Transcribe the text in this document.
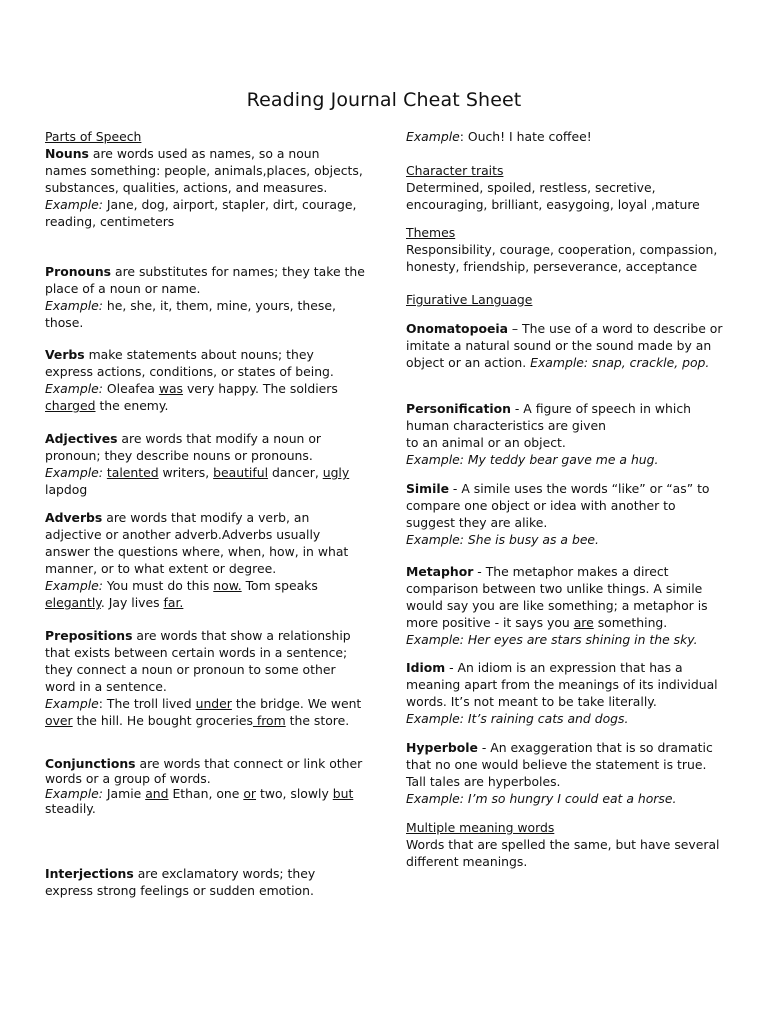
Reading Journal Cheat Sheet

Parts of Speech
Nouns are words used as names, so a noun names something: people, animals,places, objects, substances, qualities, actions, and measures.
Example: Jane, dog, airport, stapler, dirt, courage, reading, centimeters

Pronouns are substitutes for names; they take the place of a noun or name.
Example: he, she, it, them, mine, yours, these, those.

Verbs make statements about nouns; they express actions, conditions, or states of being.
Example: Oleafea was very happy. The soldiers charged the enemy.

Adjectives are words that modify a noun or pronoun; they describe nouns or pronouns.
Example: talented writers, beautiful dancer, ugly lapdog

Adverbs are words that modify a verb, an adjective or another adverb.Adverbs usually answer the questions where, when, how, in what manner, or to what extent or degree.
Example: You must do this now. Tom speaks elegantly. Jay lives far.

Prepositions are words that show a relationship that exists between certain words in a sentence; they connect a noun or pronoun to some other word in a sentence.
Example: The troll lived under the bridge. We went over the hill. He bought groceries from the store.

Conjunctions are words that connect or link other words or a group of words.
Example: Jamie and Ethan, one or two, slowly but steadily.

Interjections are exclamatory words; they express strong feelings or sudden emotion.

Example: Ouch! I hate coffee!

Character traits
Determined, spoiled, restless, secretive, encouraging, brilliant, easygoing, loyal ,mature

Themes
Responsibility, courage, cooperation, compassion, honesty, friendship, perseverance, acceptance

Figurative Language

Onomatopoeia – The use of a word to describe or imitate a natural sound or the sound made by an object or an action. Example: snap, crackle, pop.

Personification - A figure of speech in which human characteristics are given
to an animal or an object.
Example: My teddy bear gave me a hug.

Simile - A simile uses the words “like” or “as” to compare one object or idea with another to suggest they are alike.
Example: She is busy as a bee.

Metaphor - The metaphor makes a direct comparison between two unlike things. A simile would say you are like something; a metaphor is more positive - it says you are something.
Example: Her eyes are stars shining in the sky.

Idiom - An idiom is an expression that has a meaning apart from the meanings of its individual words. It’s not meant to be take literally.
Example: It’s raining cats and dogs.

Hyperbole - An exaggeration that is so dramatic that no one would believe the statement is true. Tall tales are hyperboles.
Example: I’m so hungry I could eat a horse.

Multiple meaning words
Words that are spelled the same, but have several different meanings.
